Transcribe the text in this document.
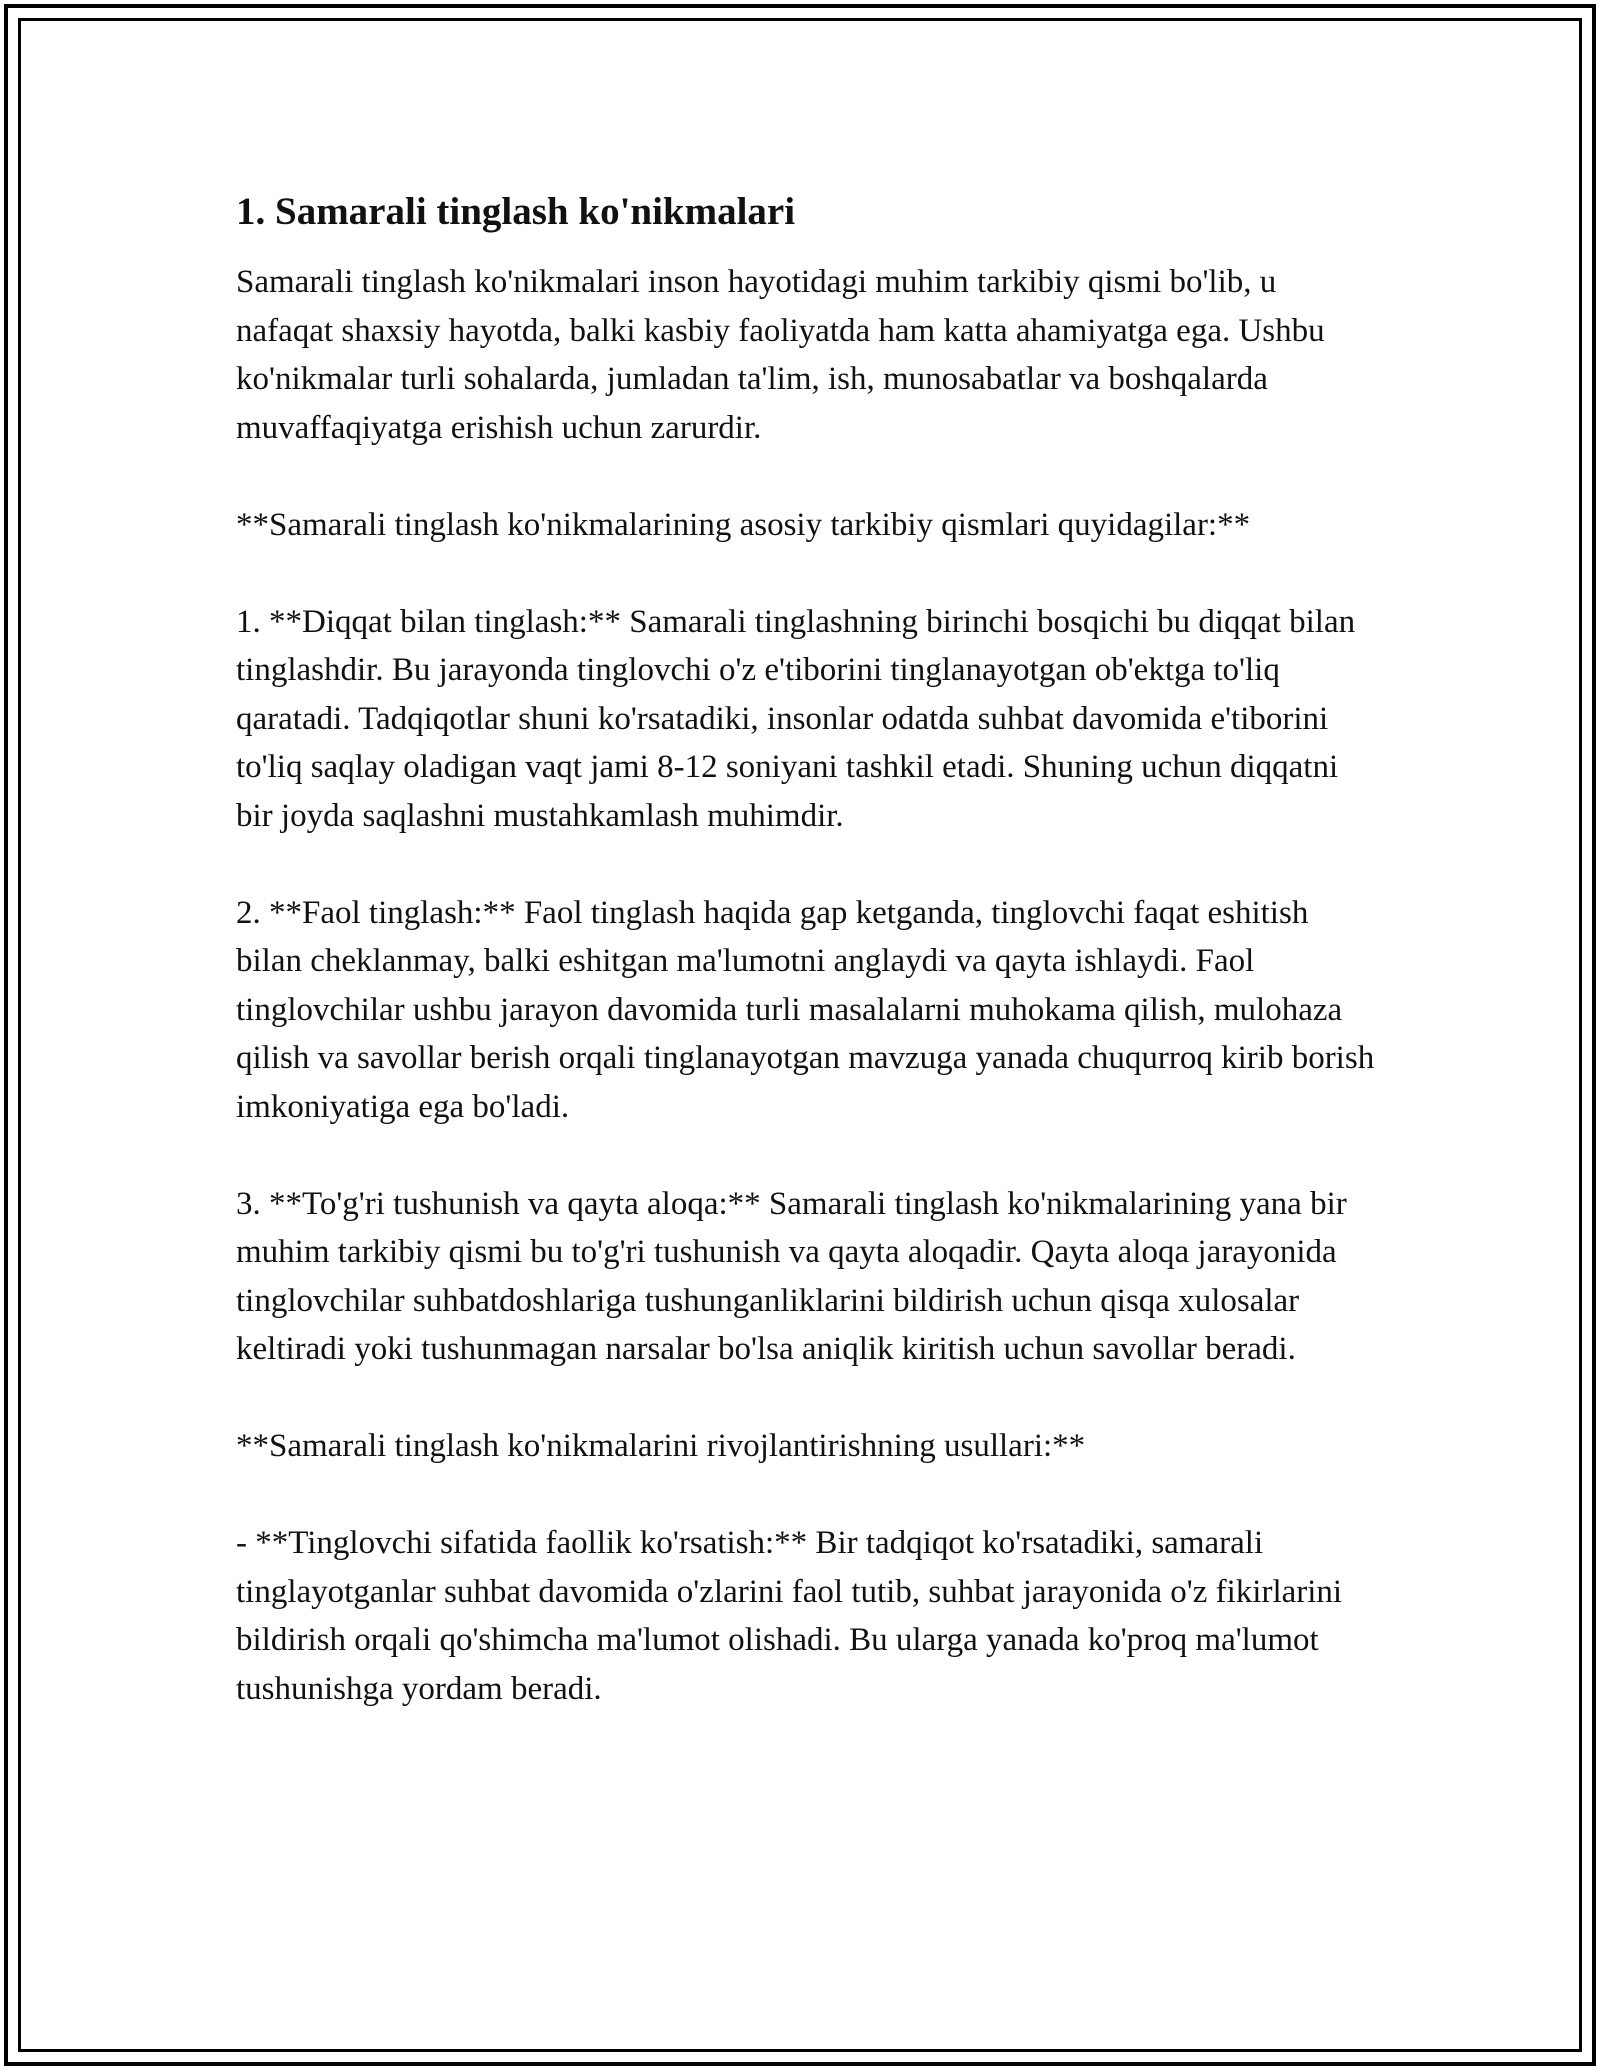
1. Samarali tinglash ko'nikmalari

Samarali tinglash ko'nikmalari inson hayotidagi muhim tarkibiy qismi bo'lib, u nafaqat shaxsiy hayotda, balki kasbiy faoliyatda ham katta ahamiyatga ega. Ushbu ko'nikmalar turli sohalarda, jumladan ta'lim, ish, munosabatlar va boshqalarda muvaffaqiyatga erishish uchun zarurdir.

**Samarali tinglash ko'nikmalarining asosiy tarkibiy qismlari quyidagilar:**

1. **Diqqat bilan tinglash:** Samarali tinglashning birinchi bosqichi bu diqqat bilan tinglashdir. Bu jarayonda tinglovchi o'z e'tiborini tinglanayotgan ob'ektga to'liq qaratadi. Tadqiqotlar shuni ko'rsatadiki, insonlar odatda suhbat davomida e'tiborini to'liq saqlay oladigan vaqt jami 8-12 soniyani tashkil etadi. Shuning uchun diqqatni bir joyda saqlashni mustahkamlash muhimdir.

2. **Faol tinglash:** Faol tinglash haqida gap ketganda, tinglovchi faqat eshitish bilan cheklanmay, balki eshitgan ma'lumotni anglaydi va qayta ishlaydi. Faol tinglovchilar ushbu jarayon davomida turli masalalarni muhokama qilish, mulohaza qilish va savollar berish orqali tinglanayotgan mavzuga yanada chuqurroq kirib borish imkoniyatiga ega bo'ladi.

3. **To'g'ri tushunish va qayta aloqa:** Samarali tinglash ko'nikmalarining yana bir muhim tarkibiy qismi bu to'g'ri tushunish va qayta aloqadir. Qayta aloqa jarayonida tinglovchilar suhbatdoshlariga tushunganliklarini bildirish uchun qisqa xulosalar keltiradi yoki tushunmagan narsalar bo'lsa aniqlik kiritish uchun savollar beradi.

**Samarali tinglash ko'nikmalarini rivojlantirishning usullari:**

- **Tinglovchi sifatida faollik ko'rsatish:** Bir tadqiqot ko'rsatadiki, samarali tinglayotganlar suhbat davomida o'zlarini faol tutib, suhbat jarayonida o'z fikirlarini bildirish orqali qo'shimcha ma'lumot olishadi. Bu ularga yanada ko'proq ma'lumot tushunishga yordam beradi.
